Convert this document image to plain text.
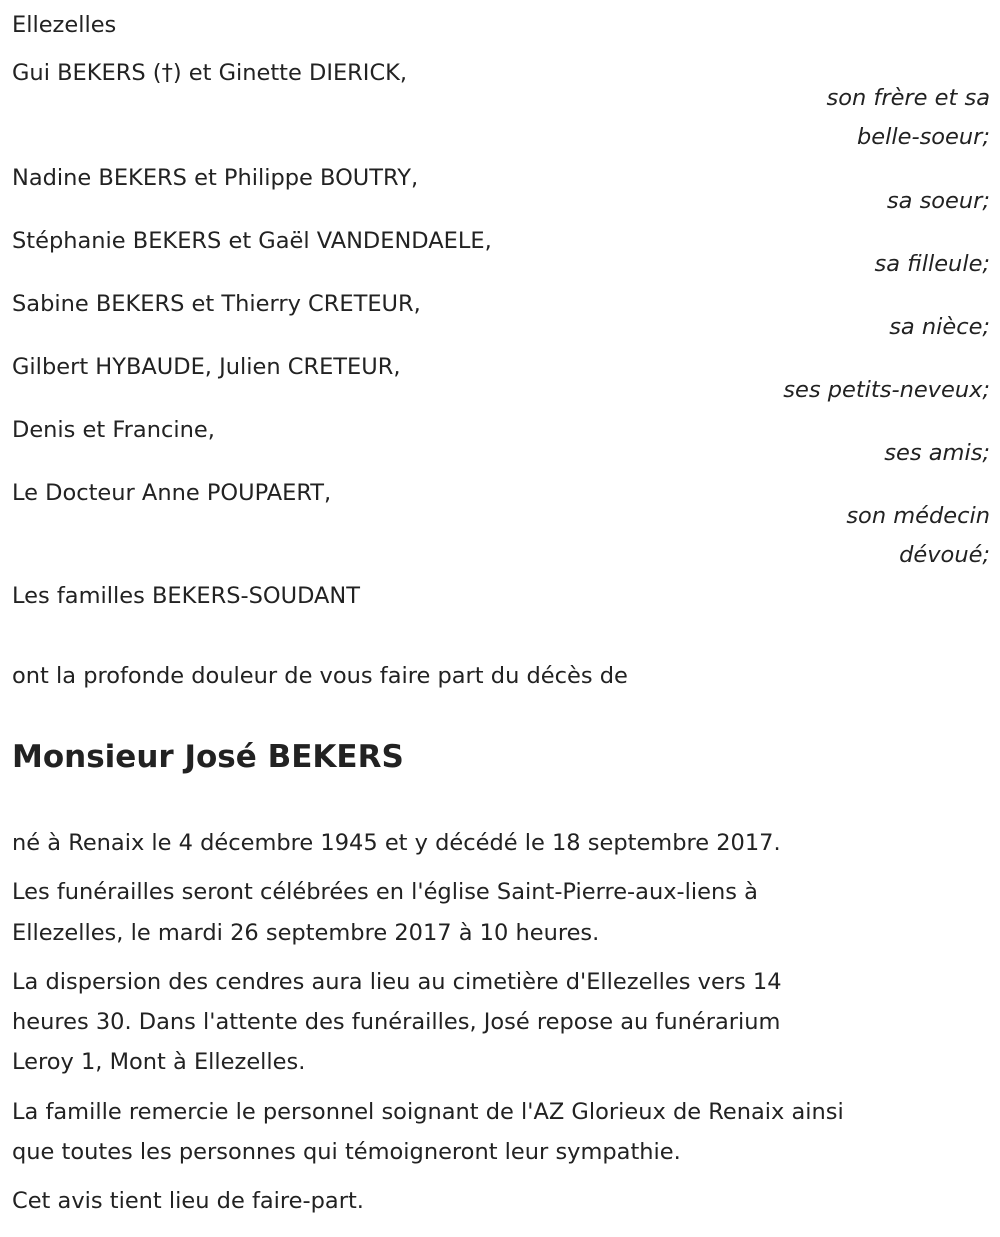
Ellezelles
Gui BEKERS (†) et Ginette DIERICK,
son frère et sa
belle-soeur;
Nadine BEKERS et Philippe BOUTRY,
sa soeur;
Stéphanie BEKERS et Gaël VANDENDAELE,
sa filleule;
Sabine BEKERS et Thierry CRETEUR,
sa nièce;
Gilbert HYBAUDE, Julien CRETEUR,
ses petits-neveux;
Denis et Francine,
ses amis;
Le Docteur Anne POUPAERT,
son médecin
dévoué;
Les familles BEKERS-SOUDANT
ont la profonde douleur de vous faire part du décès de
Monsieur José BEKERS
né à Renaix le 4 décembre 1945 et y décédé le 18 septembre 2017.
Les funérailles seront célébrées en l'église Saint-Pierre-aux-liens à
Ellezelles, le mardi 26 septembre 2017 à 10 heures.
La dispersion des cendres aura lieu au cimetière d'Ellezelles vers 14
heures 30. Dans l'attente des funérailles, José repose au funérarium
Leroy 1, Mont à Ellezelles.
La famille remercie le personnel soignant de l'AZ Glorieux de Renaix ainsi
que toutes les personnes qui témoigneront leur sympathie.
Cet avis tient lieu de faire-part.
